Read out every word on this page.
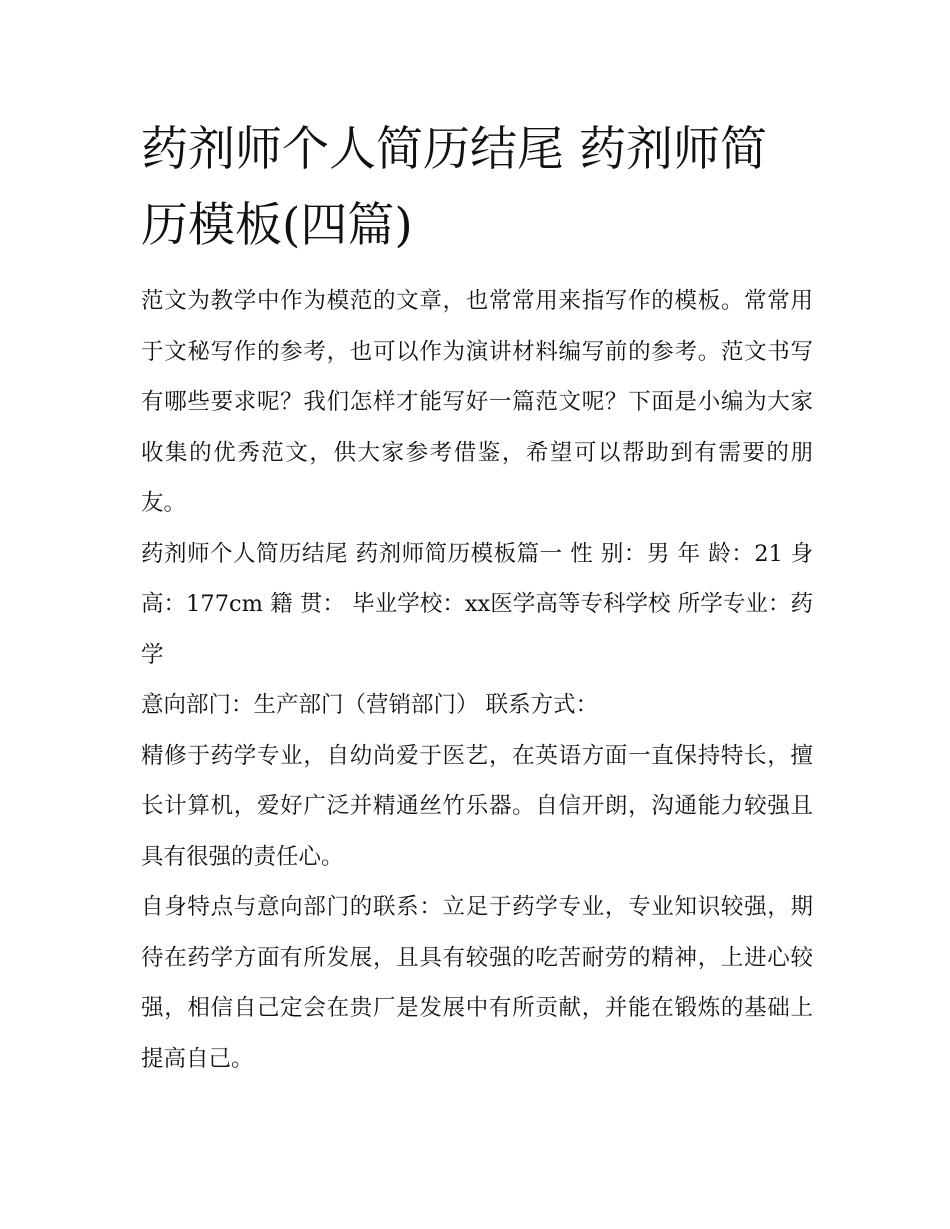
药剂师个人简历结尾 药剂师简历模板(四篇)

范文为教学中作为模范的文章，也常常用来指写作的模板。常常用于文秘写作的参考，也可以作为演讲材料编写前的参考。范文书写有哪些要求呢？我们怎样才能写好一篇范文呢？下面是小编为大家收集的优秀范文，供大家参考借鉴，希望可以帮助到有需要的朋友。

药剂师个人简历结尾 药剂师简历模板篇一 性 别：男 年 龄：21 身 高：177cm 籍 贯： 毕业学校：xx医学高等专科学校 所学专业：药学

意向部门：生产部门（营销部门） 联系方式：

精修于药学专业，自幼尚爱于医艺，在英语方面一直保持特长，擅长计算机，爱好广泛并精通丝竹乐器。自信开朗，沟通能力较强且具有很强的责任心。

自身特点与意向部门的联系：立足于药学专业，专业知识较强，期待在药学方面有所发展，且具有较强的吃苦耐劳的精神，上进心较强，相信自己定会在贵厂是发展中有所贡献，并能在锻炼的基础上提高自己。
